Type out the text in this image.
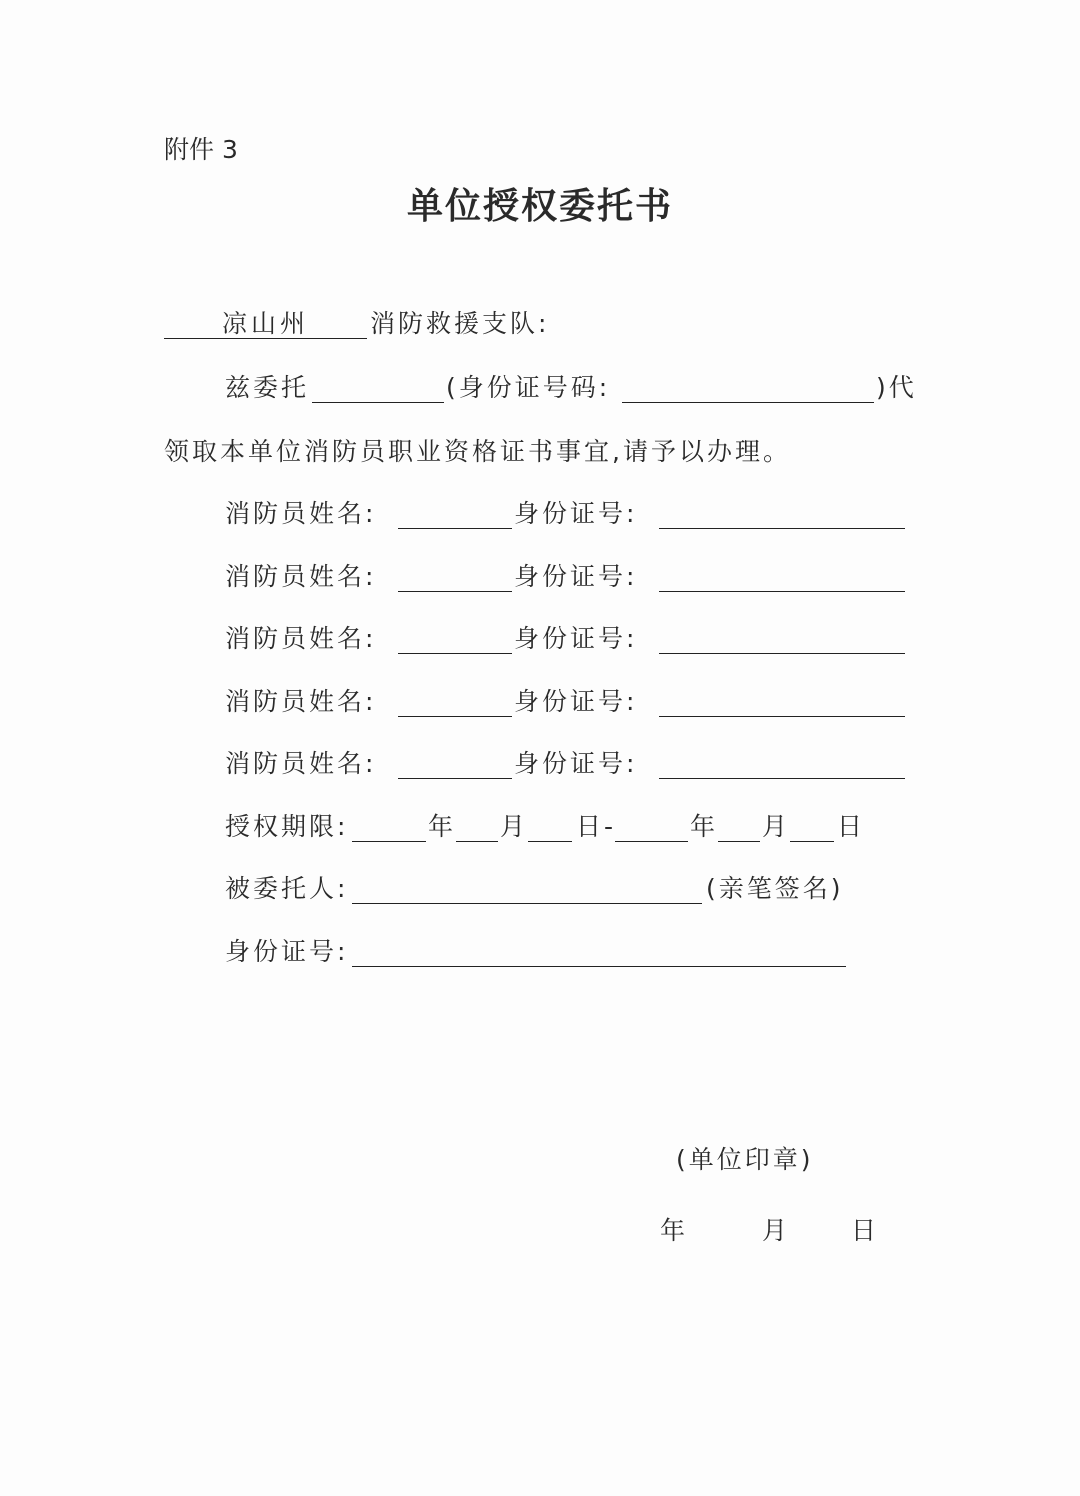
附件 3
单位授权委托书
凉山州	消防救援支队:
兹委托	(身份证号码:	)代
领取本单位消防员职业资格证书事宜,请予以办理。
消防员姓名:	身份证号:
消防员姓名:	身份证号:
消防员姓名:	身份证号:
消防员姓名:	身份证号:
消防员姓名:	身份证号:
授权期限:	年 月 日-	年 月 日
被委托人:	(亲笔签名)
身份证号:
(单位印章)
年	月 日
